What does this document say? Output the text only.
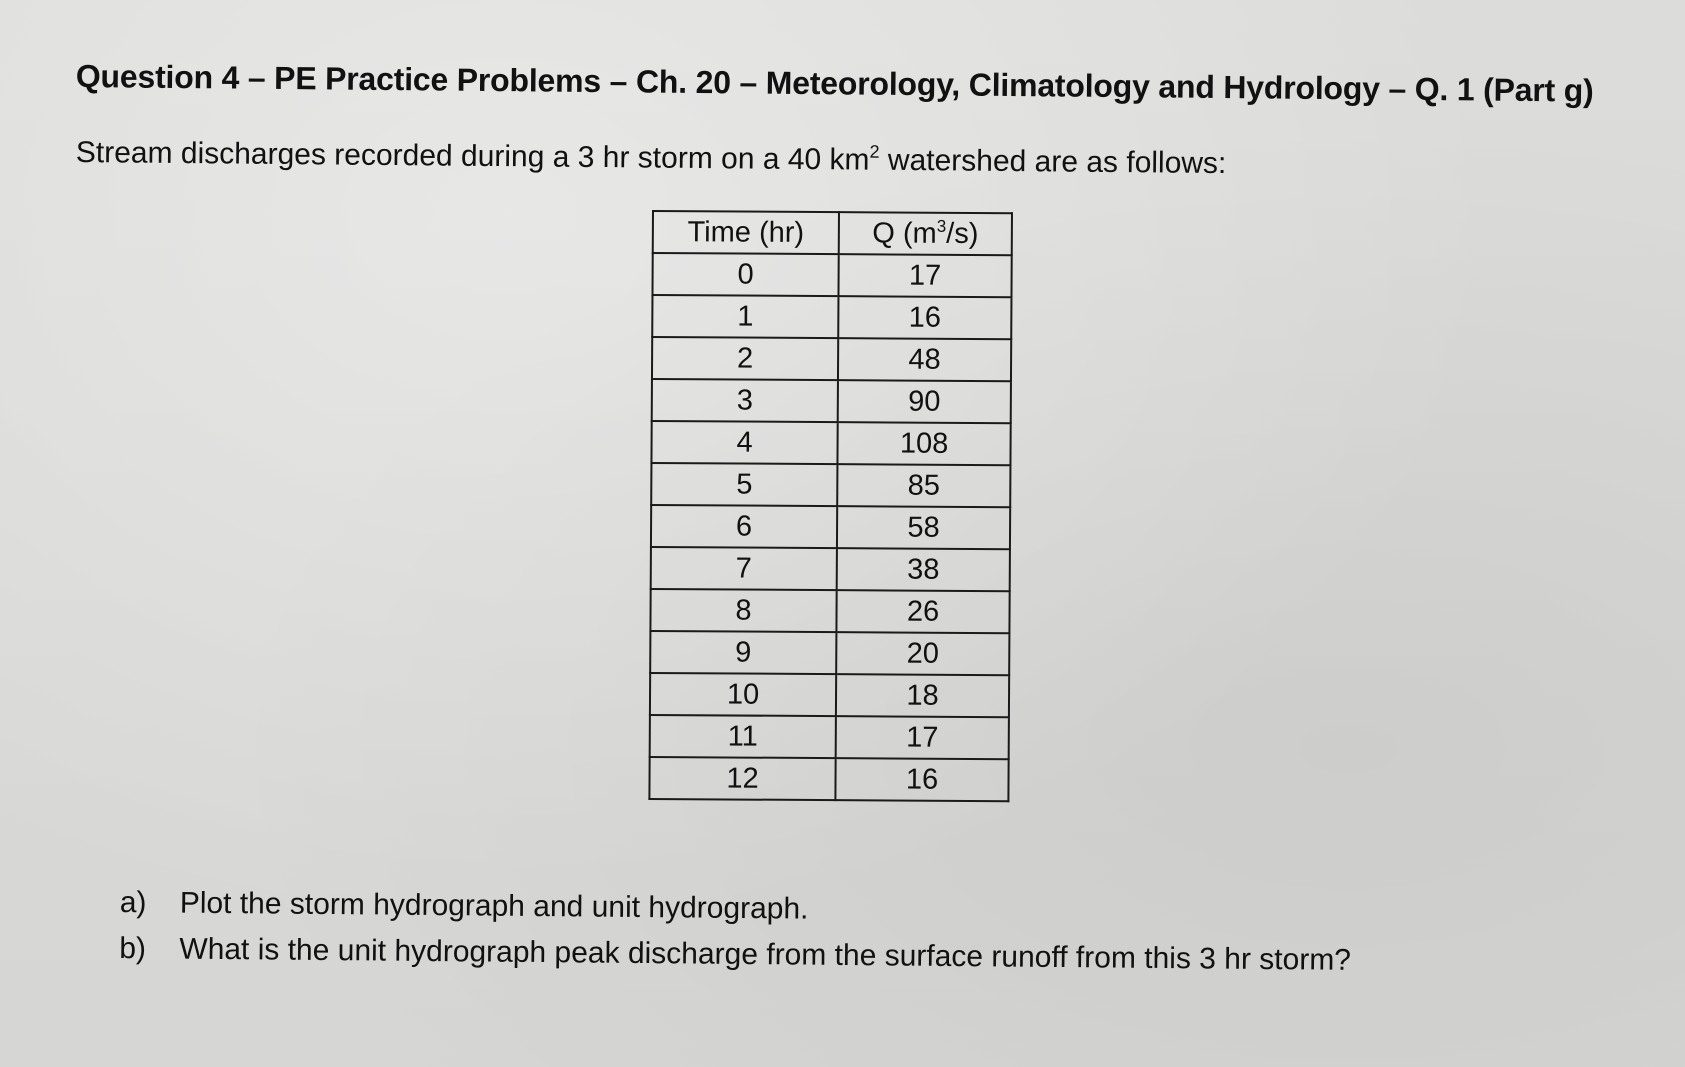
Question 4 – PE Practice Problems – Ch. 20 – Meteorology, Climatology and Hydrology – Q. 1 (Part g)
Stream discharges recorded during a 3 hr storm on a 40 $km^2$ watershed are as follows:
Time (hr)	Q $(m^3/s)$
0	17
1	16
2	48
3	90
4	108
5	85
6	58
7	38
8	26
9	20
10	18
11	17
12	16
a)	Plot the storm hydrograph and unit hydrograph.
b)	What is the unit hydrograph peak discharge from the surface runoff from this 3 hr storm?
